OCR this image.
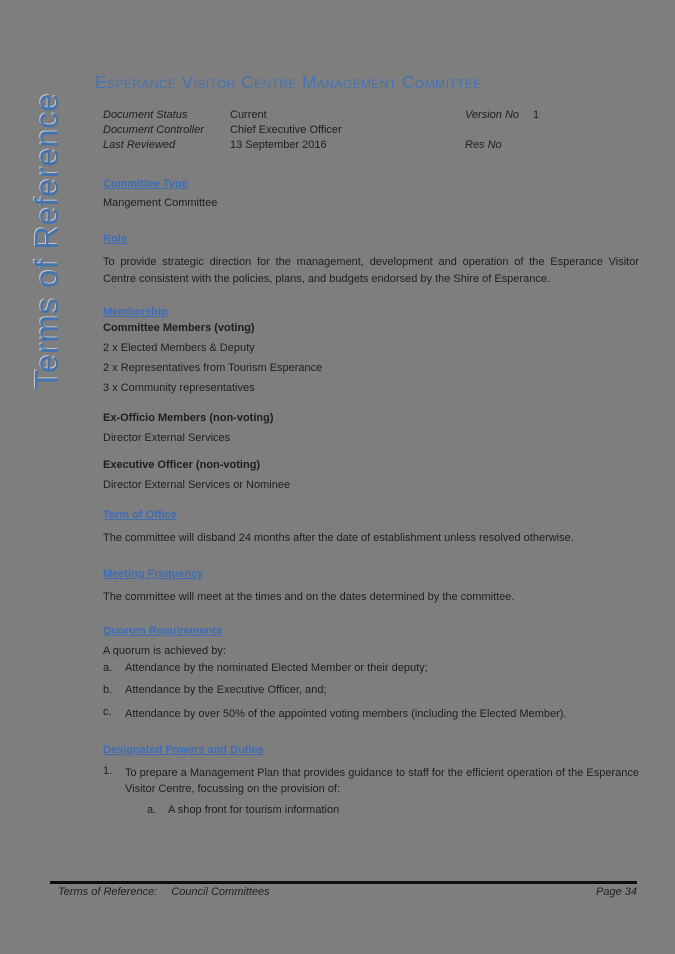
Terms of Reference
Esperance Visitor Centre Management Committee
Document Status	Current	Version No	1
Document Controller	Chief Executive Officer
Last Reviewed	13 September 2016	Res No
Committee Type
Mangement Committee
Role
To provide strategic direction for the management, development and operation of the Esperance Visitor Centre consistent with the policies, plans, and budgets endorsed by the Shire of Esperance.
Membership
Committee Members (voting)
2 x Elected Members & Deputy
2 x Representatives from Tourism Esperance
3 x Community representatives
Ex-Officio Members (non-voting)
Director External Services
Executive Officer (non-voting)
Director External Services or Nominee
Term of Office
The committee will disband 24 months after the date of establishment unless resolved otherwise.
Meeting Frequency
The committee will meet at the times and on the dates determined by the committee.
Quorum Requirements
A quorum is achieved by:
a.	Attendance by the nominated Elected Member or their deputy;
b.	Attendance by the Executive Officer, and;
c.	Attendance by over 50% of the appointed voting members (including the Elected Member).
Designated Powers and Duties
1.	To prepare a Management Plan that provides guidance to staff for the efficient operation of the Esperance Visitor Centre, focussing on the provision of:
a.	A shop front for tourism information
Terms of Reference: Council Committees	Page 34
